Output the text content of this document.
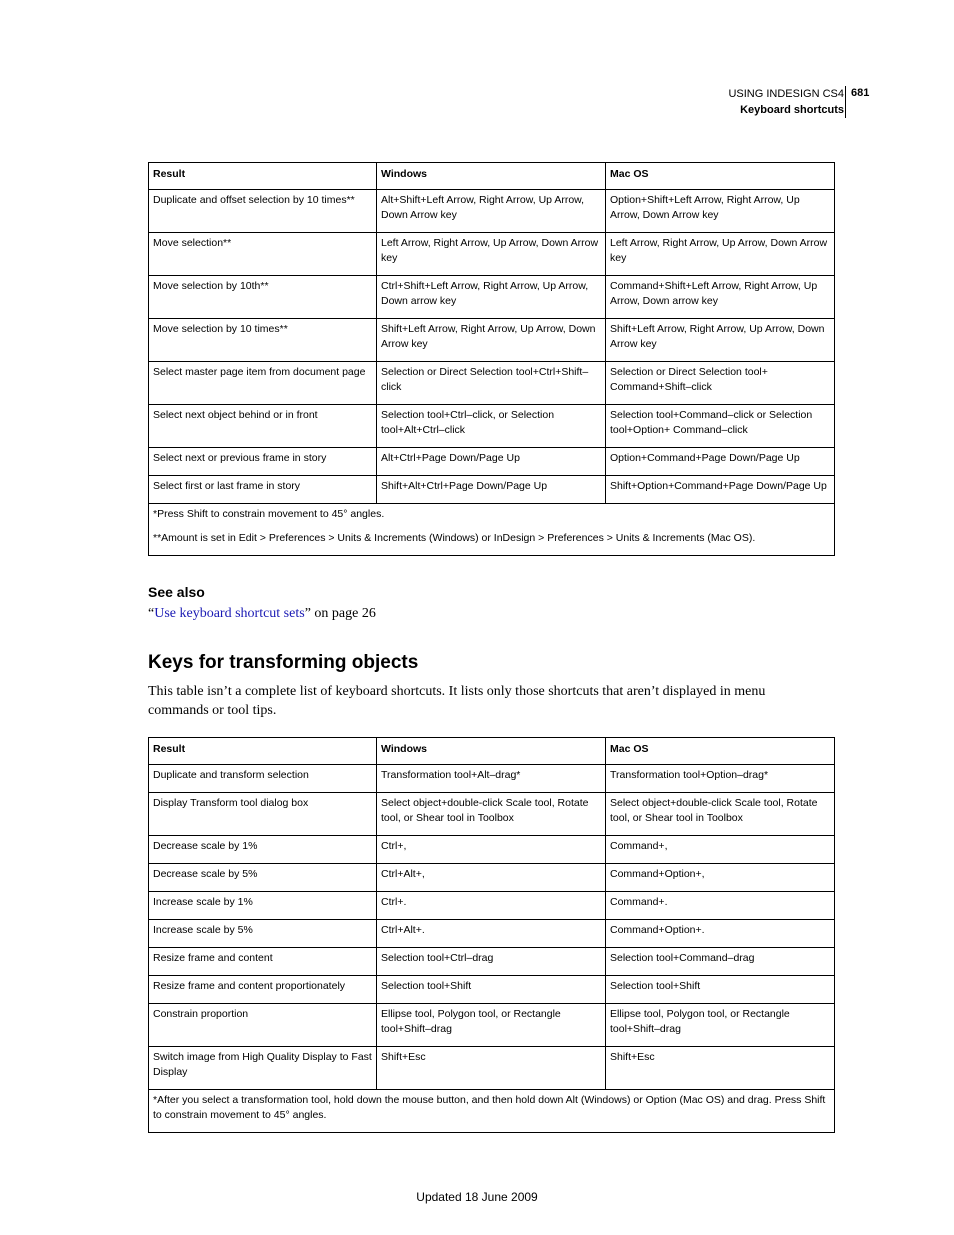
USING INDESIGN CS4
Keyboard shortcuts
681
Result	Windows	Mac OS
Duplicate and offset selection by 10 times**	Alt+Shift+Left Arrow, Right Arrow, Up Arrow, Down Arrow key	Option+Shift+Left Arrow, Right Arrow, Up Arrow, Down Arrow key
Move selection**	Left Arrow, Right Arrow, Up Arrow, Down Arrow key	Left Arrow, Right Arrow, Up Arrow, Down Arrow key
Move selection by 10th**	Ctrl+Shift+Left Arrow, Right Arrow, Up Arrow, Down arrow key	Command+Shift+Left Arrow, Right Arrow, Up Arrow, Down arrow key
Move selection by 10 times**	Shift+Left Arrow, Right Arrow, Up Arrow, Down Arrow key	Shift+Left Arrow, Right Arrow, Up Arrow, Down Arrow key
Select master page item from document page	Selection or Direct Selection tool+Ctrl+Shift–click	Selection or Direct Selection tool+ Command+Shift–click
Select next object behind or in front	Selection tool+Ctrl–click, or Selection tool+Alt+Ctrl–click	Selection tool+Command–click or Selection tool+Option+ Command–click
Select next or previous frame in story	Alt+Ctrl+Page Down/Page Up	Option+Command+Page Down/Page Up
Select first or last frame in story	Shift+Alt+Ctrl+Page Down/Page Up	Shift+Option+Command+Page Down/Page Up

*Press Shift to constrain movement to 45° angles.

**Amount is set in Edit > Preferences > Units & Increments (Windows) or InDesign > Preferences > Units & Increments (Mac OS).		

See also
“Use keyboard shortcut sets” on page 26
Keys for transforming objects
This table isn’t a complete list of keyboard shortcuts. It lists only those shortcuts that aren’t displayed in menu commands or tool tips.
Result	Windows	Mac OS
Duplicate and transform selection	Transformation tool+Alt–drag*	Transformation tool+Option–drag*
Display Transform tool dialog box	Select object+double-click Scale tool, Rotate tool, or Shear tool in Toolbox	Select object+double-click Scale tool, Rotate tool, or Shear tool in Toolbox
Decrease scale by 1%	Ctrl+,	Command+,
Decrease scale by 5%	Ctrl+Alt+,	Command+Option+,
Increase scale by 1%	Ctrl+.	Command+.
Increase scale by 5%	Ctrl+Alt+.	Command+Option+.
Resize frame and content	Selection tool+Ctrl–drag	Selection tool+Command–drag
Resize frame and content proportionately	Selection tool+Shift	Selection tool+Shift
Constrain proportion	Ellipse tool, Polygon tool, or Rectangle tool+Shift–drag	Ellipse tool, Polygon tool, or Rectangle tool+Shift–drag
Switch image from High Quality Display to Fast Display	Shift+Esc	Shift+Esc

*After you select a transformation tool, hold down the mouse button, and then hold down Alt (Windows) or Option (Mac OS) and drag. Press Shift to constrain movement to 45° angles.		

Updated 18 June 2009
